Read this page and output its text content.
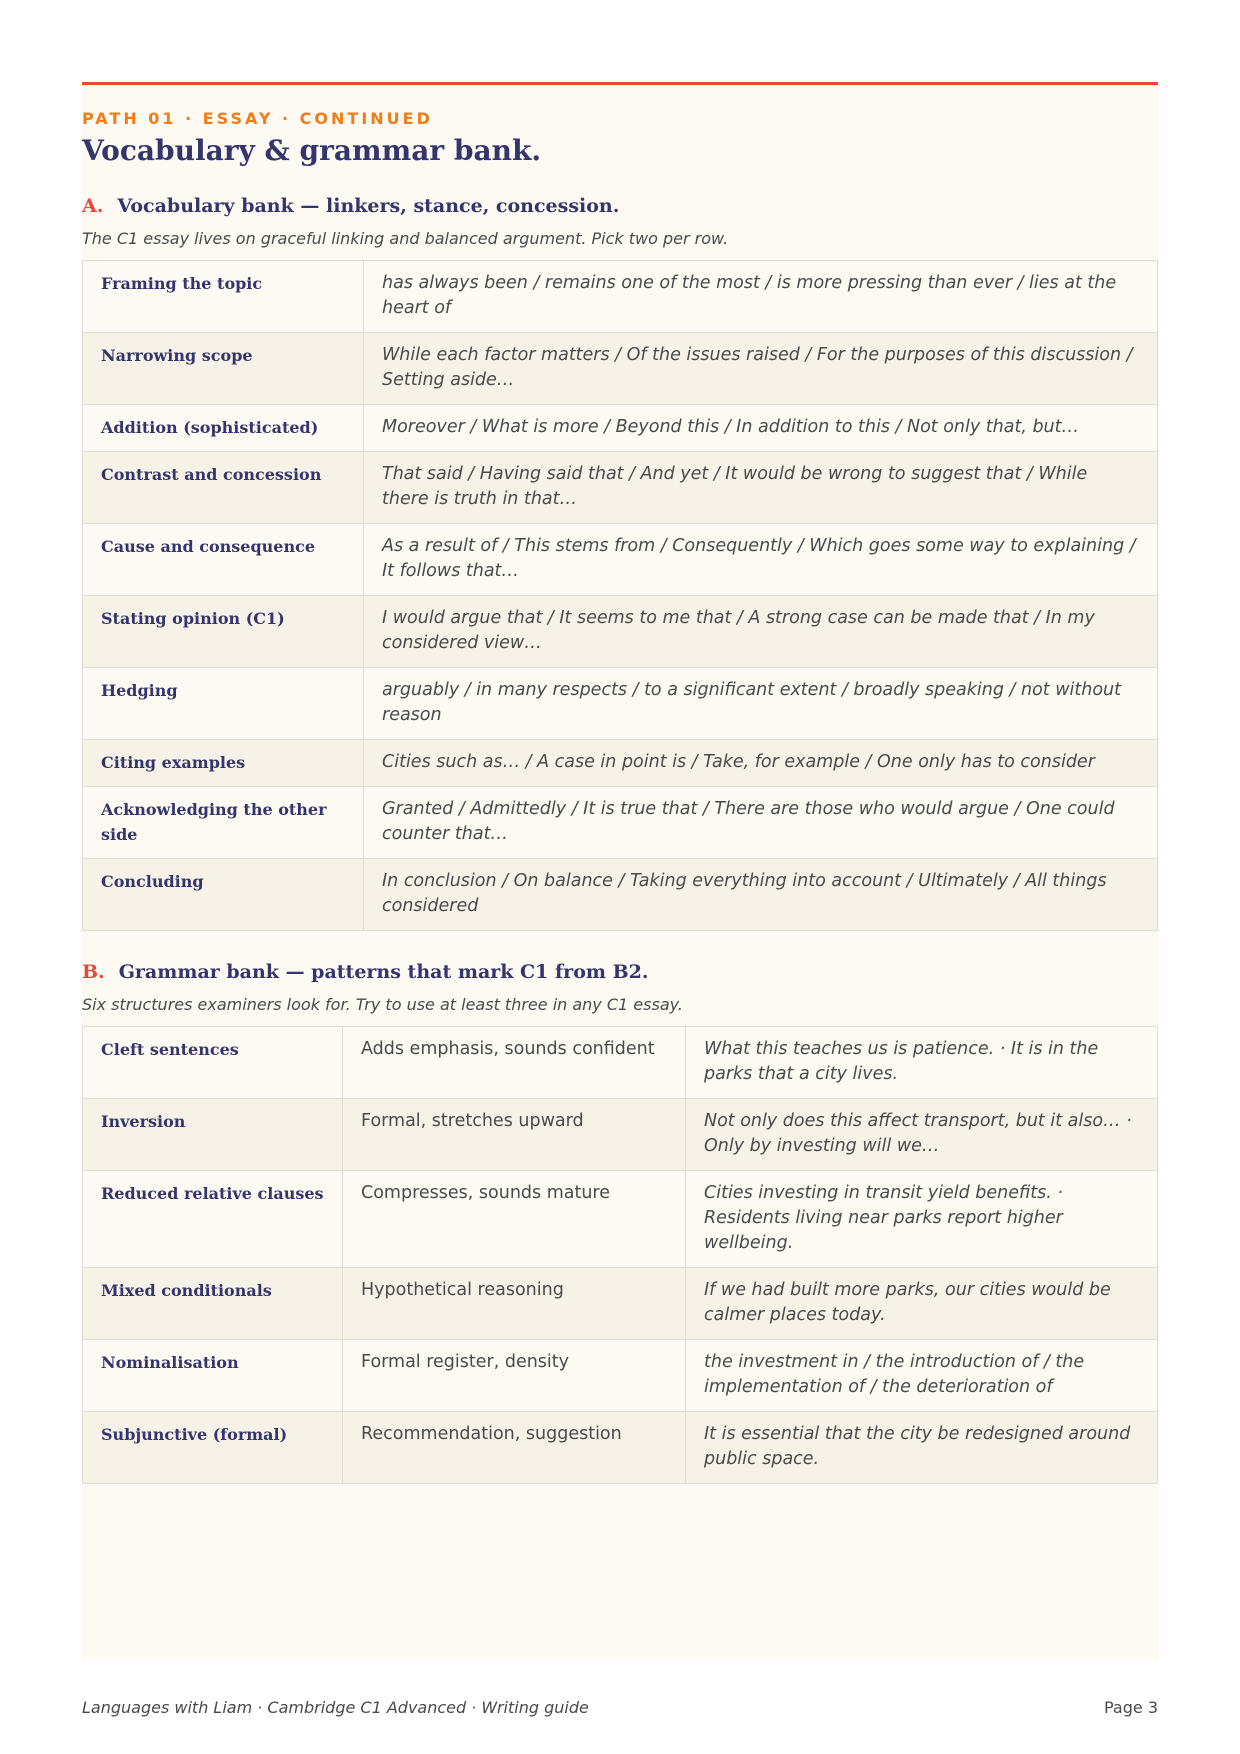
PATH 01 · ESSAY · CONTINUED
Vocabulary & grammar bank.
A. Vocabulary bank — linkers, stance, concession.
The C1 essay lives on graceful linking and balanced argument. Pick two per row.
Framing the topic	has always been / remains one of the most / is more pressing than ever / lies at the heart of
Narrowing scope	While each factor matters / Of the issues raised / For the purposes of this discussion / Setting aside…
Addition (sophisticated)	Moreover / What is more / Beyond this / In addition to this / Not only that, but…
Contrast and concession	That said / Having said that / And yet / It would be wrong to suggest that / While there is truth in that…
Cause and consequence	As a result of / This stems from / Consequently / Which goes some way to explaining / It follows that…
Stating opinion (C1)	I would argue that / It seems to me that / A strong case can be made that / In my considered view…
Hedging	arguably / in many respects / to a significant extent / broadly speaking / not without reason
Citing examples	Cities such as… / A case in point is / Take, for example / One only has to consider
Acknowledging the other side	Granted / Admittedly / It is true that / There are those who would argue / One could counter that…
Concluding	In conclusion / On balance / Taking everything into account / Ultimately / All things considered
B. Grammar bank — patterns that mark C1 from B2.
Six structures examiners look for. Try to use at least three in any C1 essay.
Cleft sentences	Adds emphasis, sounds confident	What this teaches us is patience. · It is in the parks that a city lives.
Inversion	Formal, stretches upward	Not only does this affect transport, but it also… · Only by investing will we…
Reduced relative clauses	Compresses, sounds mature	Cities investing in transit yield benefits. · Residents living near parks report higher wellbeing.
Mixed conditionals	Hypothetical reasoning	If we had built more parks, our cities would be calmer places today.
Nominalisation	Formal register, density	the investment in / the introduction of / the implementation of / the deterioration of
Subjunctive (formal)	Recommendation, suggestion	It is essential that the city be redesigned around public space.
Languages with Liam · Cambridge C1 Advanced · Writing guide	Page 3
